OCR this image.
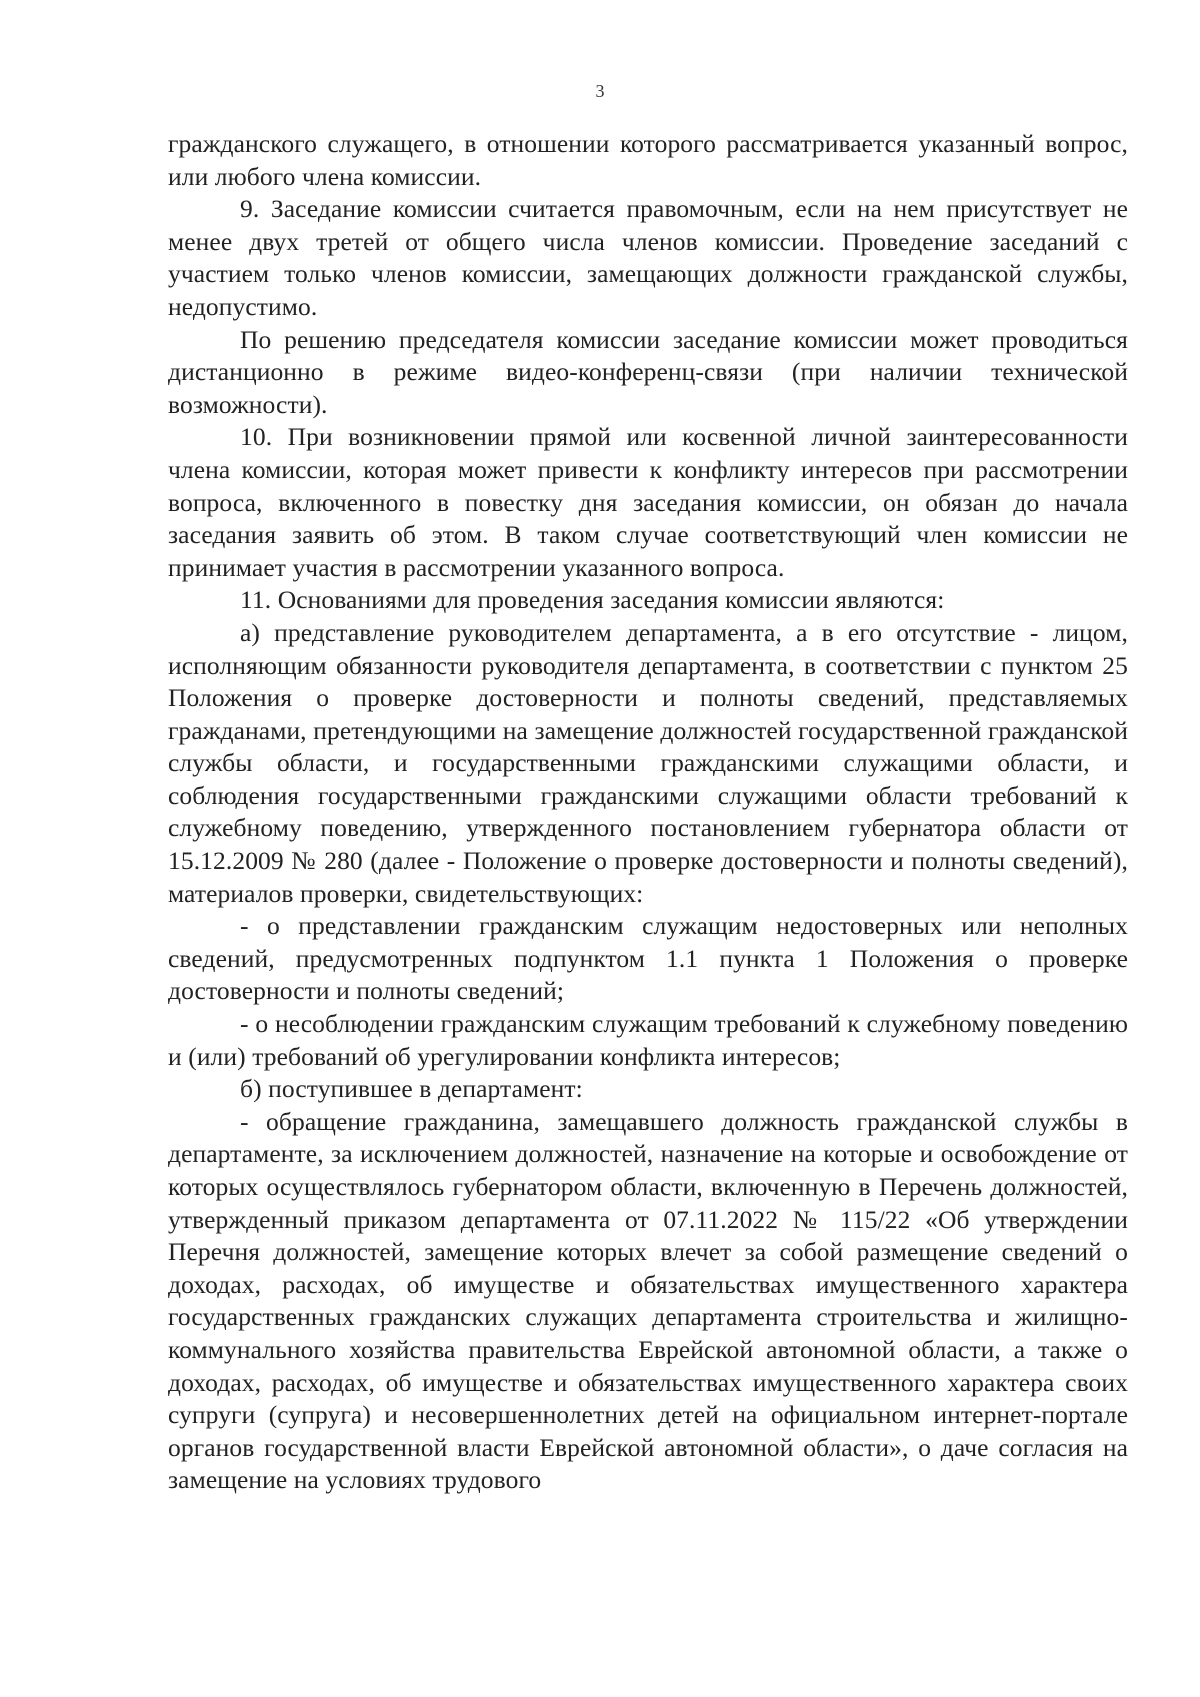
3

гражданского служащего, в отношении которого рассматривается указанный вопрос, или любого члена комиссии.

9. Заседание комиссии считается правомочным, если на нем присутствует не менее двух третей от общего числа членов комиссии. Проведение заседаний с участием только членов комиссии, замещающих должности гражданской службы, недопустимо.

По решению председателя комиссии заседание комиссии может проводиться дистанционно в режиме видео-конференц-связи (при наличии технической возможности).

10. При возникновении прямой или косвенной личной заинтересованности члена комиссии, которая может привести к конфликту интересов при рассмотрении вопроса, включенного в повестку дня заседания комиссии, он обязан до начала заседания заявить об этом. В таком случае соответствующий член комиссии не принимает участия в рассмотрении указанного вопроса.

11. Основаниями для проведения заседания комиссии являются:

а) представление руководителем департамента, а в его отсутствие - лицом, исполняющим обязанности руководителя департамента, в соответствии с пунктом 25 Положения о проверке достоверности и полноты сведений, представляемых гражданами, претендующими на замещение должностей государственной гражданской службы области, и государственными гражданскими служащими области, и соблюдения государственными гражданскими служащими области требований к служебному поведению, утвержденного постановлением губернатора области от 15.12.2009 № 280 (далее - Положение о проверке достоверности и полноты сведений), материалов проверки, свидетельствующих:

- о представлении гражданским служащим недостоверных или неполных сведений, предусмотренных подпунктом 1.1 пункта 1 Положения о проверке достоверности и полноты сведений;

- о несоблюдении гражданским служащим требований к служебному поведению и (или) требований об урегулировании конфликта интересов;

б) поступившее в департамент:

- обращение гражданина, замещавшего должность гражданской службы в департаменте, за исключением должностей, назначение на которые и освобождение от которых осуществлялось губернатором области, включенную в Перечень должностей, утвержденный приказом департамента от 07.11.2022 № 115/22 «Об утверждении Перечня должностей, замещение которых влечет за собой размещение сведений о доходах, расходах, об имуществе и обязательствах имущественного характера государственных гражданских служащих департамента строительства и жилищно-коммунального хозяйства правительства Еврейской автономной области, а также о доходах, расходах, об имуществе и обязательствах имущественного характера своих супруги (супруга) и несовершеннолетних детей на официальном интернет-портале органов государственной власти Еврейской автономной области», о даче согласия на замещение на условиях трудового
